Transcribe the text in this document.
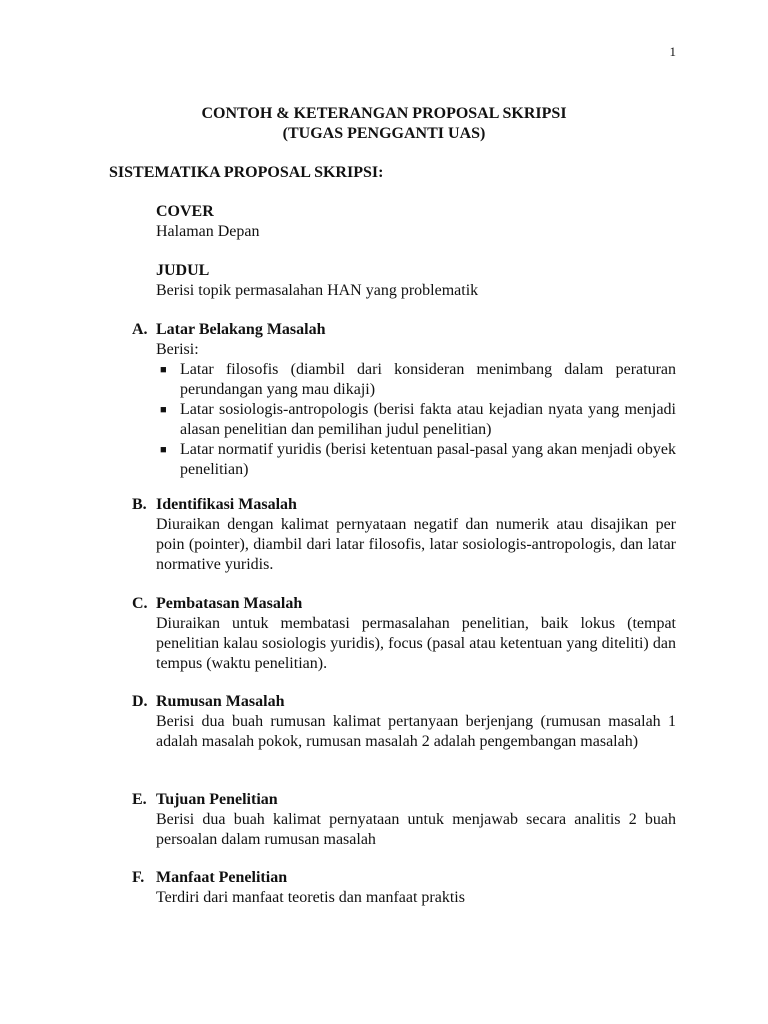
1
CONTOH & KETERANGAN PROPOSAL SKRIPSI
(TUGAS PENGGANTI UAS)
SISTEMATIKA PROPOSAL SKRIPSI:
COVER
Halaman Depan
JUDUL
Berisi topik permasalahan HAN yang problematik
A. Latar Belakang Masalah
Berisi:
■ Latar filosofis (diambil dari konsideran menimbang dalam peraturan perundangan yang mau dikaji)
■ Latar sosiologis-antropologis (berisi fakta atau kejadian nyata yang menjadi alasan penelitian dan pemilihan judul penelitian)
■ Latar normatif yuridis (berisi ketentuan pasal-pasal yang akan menjadi obyek penelitian)
B. Identifikasi Masalah
Diuraikan dengan kalimat pernyataan negatif dan numerik atau disajikan per poin (pointer), diambil dari latar filosofis, latar sosiologis-antropologis, dan latar normative yuridis.
C. Pembatasan Masalah
Diuraikan untuk membatasi permasalahan penelitian, baik lokus (tempat penelitian kalau sosiologis yuridis), focus (pasal atau ketentuan yang diteliti) dan tempus (waktu penelitian).
D. Rumusan Masalah
Berisi dua buah rumusan kalimat pertanyaan berjenjang (rumusan masalah 1 adalah masalah pokok, rumusan masalah 2 adalah pengembangan masalah)
E. Tujuan Penelitian
Berisi dua buah kalimat pernyataan untuk menjawab secara analitis 2 buah persoalan dalam rumusan masalah
F. Manfaat Penelitian
Terdiri dari manfaat teoretis dan manfaat praktis
